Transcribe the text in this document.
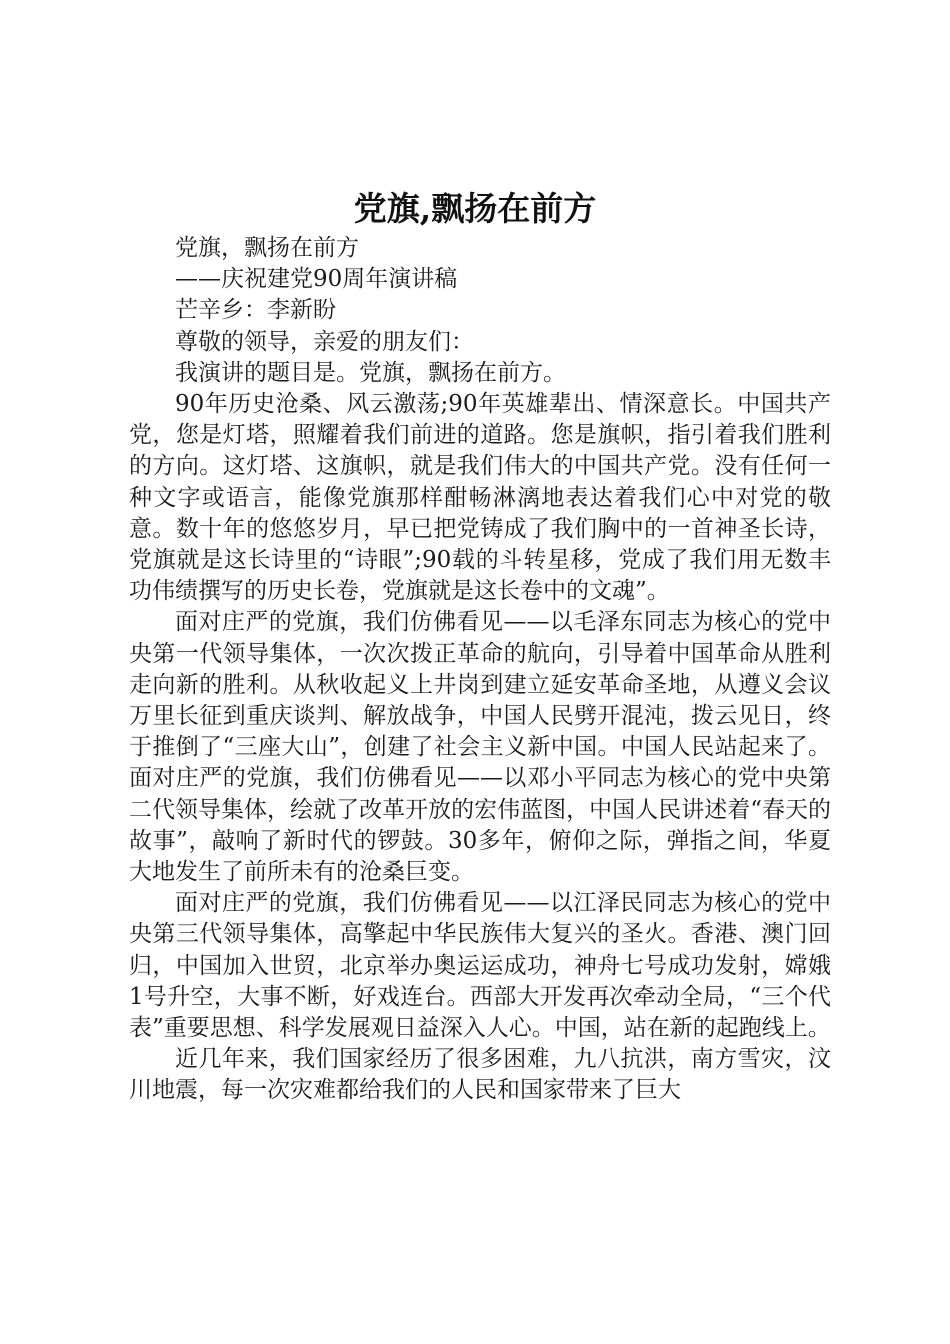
党旗,飘扬在前方

党旗，飘扬在前方

——庆祝建党90周年演讲稿

芒辛乡：李新盼

尊敬的领导，亲爱的朋友们：

我演讲的题目是。党旗，飘扬在前方。

90年历史沧桑、风云激荡;90年英雄辈出、情深意长。中国共产党，您是灯塔，照耀着我们前进的道路。您是旗帜，指引着我们胜利的方向。这灯塔、这旗帜，就是我们伟大的中国共产党。没有任何一种文字或语言，能像党旗那样酣畅淋漓地表达着我们心中对党的敬意。数十年的悠悠岁月，早已把党铸成了我们胸中的一首神圣长诗，党旗就是这长诗里的“诗眼”;90载的斗转星移，党成了我们用无数丰功伟绩撰写的历史长卷，党旗就是这长卷中的文魂”。

面对庄严的党旗，我们仿佛看见——以毛泽东同志为核心的党中央第一代领导集体，一次次拨正革命的航向，引导着中国革命从胜利走向新的胜利。从秋收起义上井岗到建立延安革命圣地，从遵义会议万里长征到重庆谈判、解放战争，中国人民劈开混沌，拨云见日，终于推倒了“三座大山”，创建了社会主义新中国。中国人民站起来了。面对庄严的党旗，我们仿佛看见——以邓小平同志为核心的党中央第二代领导集体，绘就了改革开放的宏伟蓝图，中国人民讲述着“春天的故事”，敲响了新时代的锣鼓。30多年，俯仰之际，弹指之间，华夏大地发生了前所未有的沧桑巨变。

面对庄严的党旗，我们仿佛看见——以江泽民同志为核心的党中央第三代领导集体，高擎起中华民族伟大复兴的圣火。香港、澳门回归，中国加入世贸，北京举办奥运运成功，神舟七号成功发射，嫦娥1号升空，大事不断，好戏连台。西部大开发再次牵动全局，“三个代表”重要思想、科学发展观日益深入人心。中国，站在新的起跑线上。

近几年来，我们国家经历了很多困难，九八抗洪，南方雪灾，汶川地震，每一次灾难都给我们的人民和国家带来了巨大
